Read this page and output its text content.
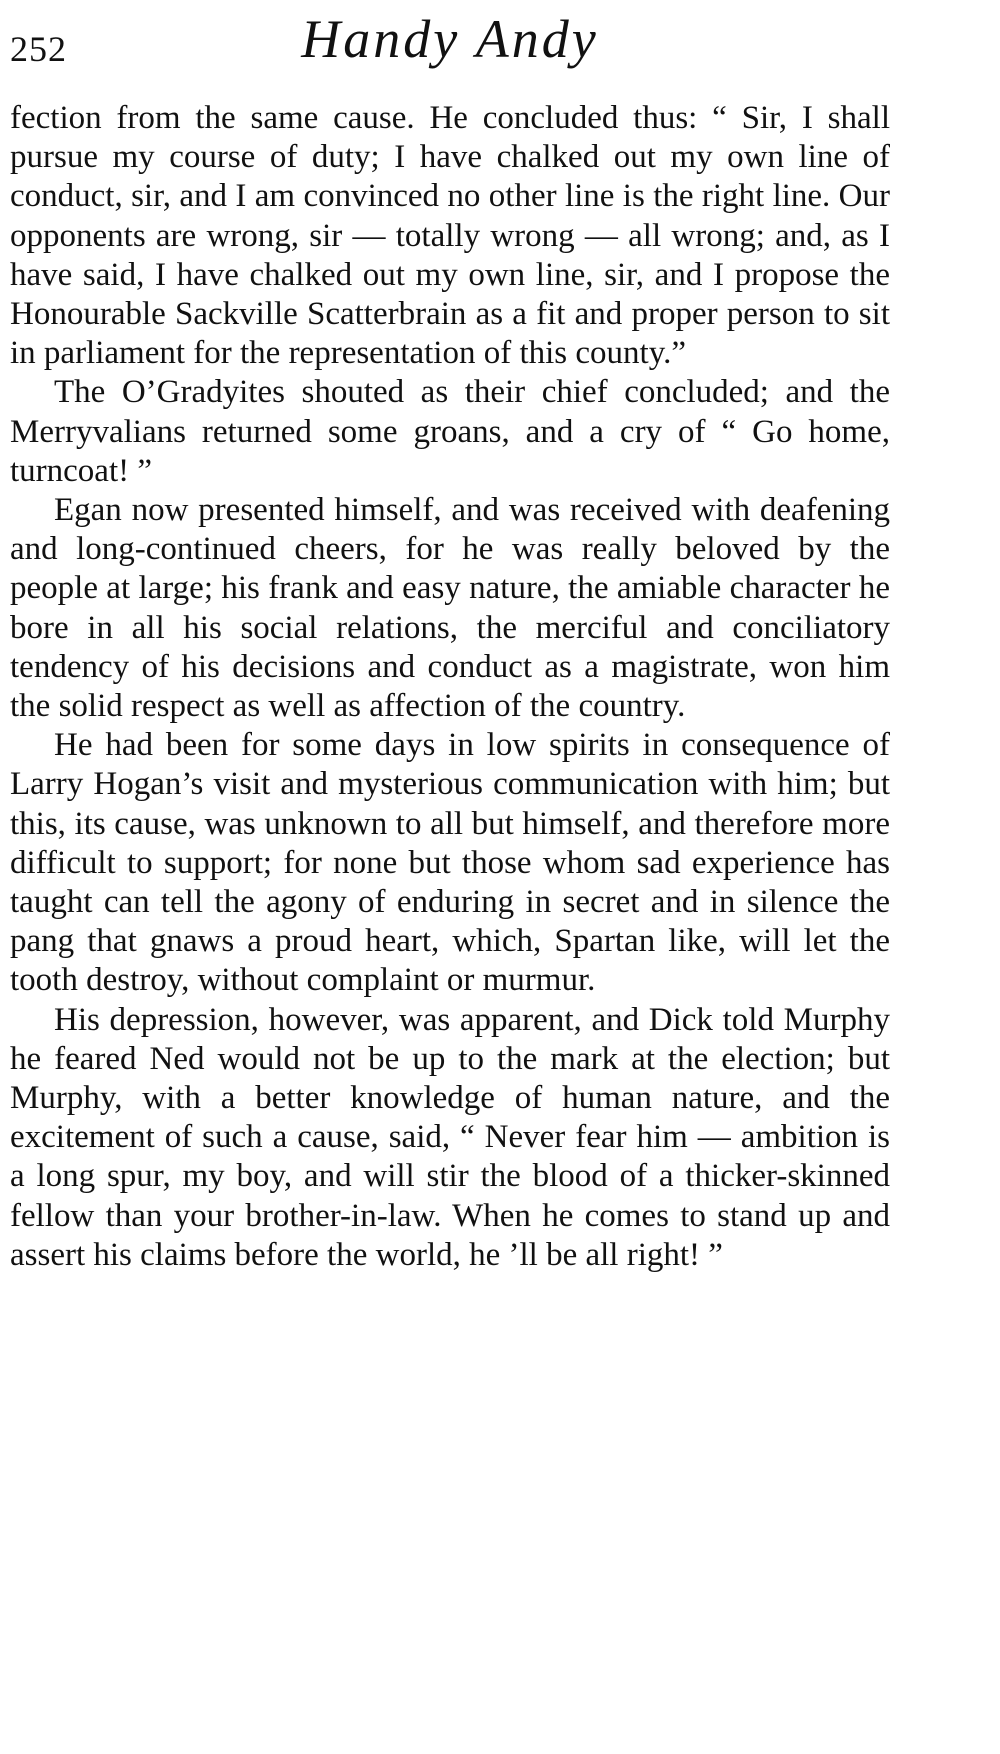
252	Handy Andy

fection from the same cause. He concluded thus: “ Sir, I shall pursue my course of duty; I have chalked out my own line of conduct, sir, and I am convinced no other line is the right line. Our opponents are wrong, sir — totally wrong — all wrong; and, as I have said, I have chalked out my own line, sir, and I propose the Honourable Sackville Scatterbrain as a fit and proper person to sit in parliament for the representation of this county.”

The O’Gradyites shouted as their chief concluded; and the Merryvalians returned some groans, and a cry of “ Go home, turncoat! ”

Egan now presented himself, and was received with deafening and long-continued cheers, for he was really beloved by the people at large; his frank and easy nature, the amiable character he bore in all his social relations, the merciful and conciliatory tendency of his decisions and conduct as a magistrate, won him the solid respect as well as affection of the country.

He had been for some days in low spirits in consequence of Larry Hogan’s visit and mysterious communication with him; but this, its cause, was unknown to all but himself, and therefore more difficult to support; for none but those whom sad experience has taught can tell the agony of enduring in secret and in silence the pang that gnaws a proud heart, which, Spartan like, will let the tooth destroy, without complaint or murmur.

His depression, however, was apparent, and Dick told Murphy he feared Ned would not be up to the mark at the election; but Murphy, with a better knowledge of human nature, and the excitement of such a cause, said, “ Never fear him — ambition is a long spur, my boy, and will stir the blood of a thicker-skinned fellow than your brother-in-law. When he comes to stand up and assert his claims before the world, he ’ll be all right! ”
